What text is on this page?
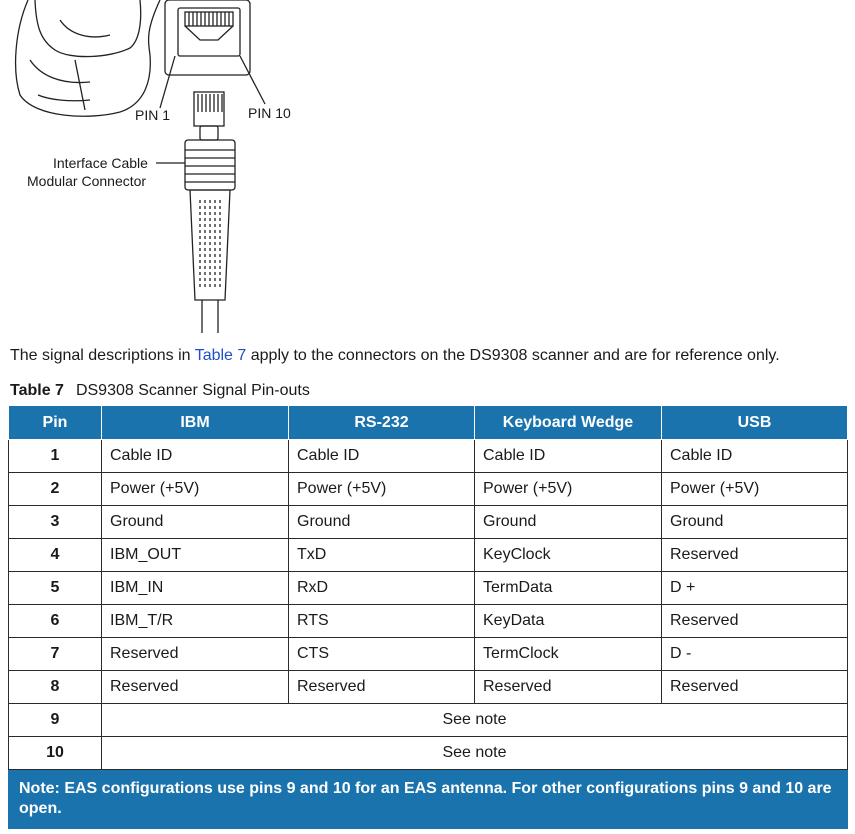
PIN 1	PIN 10
Interface Cable
Modular Connector
The signal descriptions in Table 7 apply to the connectors on the DS9308 scanner and are for reference only.
Table 7 DS9308 Scanner Signal Pin-outs
Pin	IBM	RS-232	Keyboard Wedge	USB
1	Cable ID	Cable ID	Cable ID	Cable ID
2	Power (+5V)	Power (+5V)	Power (+5V)	Power (+5V)
3	Ground	Ground	Ground	Ground
4	IBM_OUT	TxD	KeyClock	Reserved
5	IBM_IN	RxD	TermData	D +
6	IBM_T/R	RTS	KeyData	Reserved
7	Reserved	CTS	TermClock	D -
8	Reserved	Reserved	Reserved	Reserved
9	See note			
10	See note			
Note: EAS configurations use pins 9 and 10 for an EAS antenna. For other configurations pins 9 and 10 are open.				
